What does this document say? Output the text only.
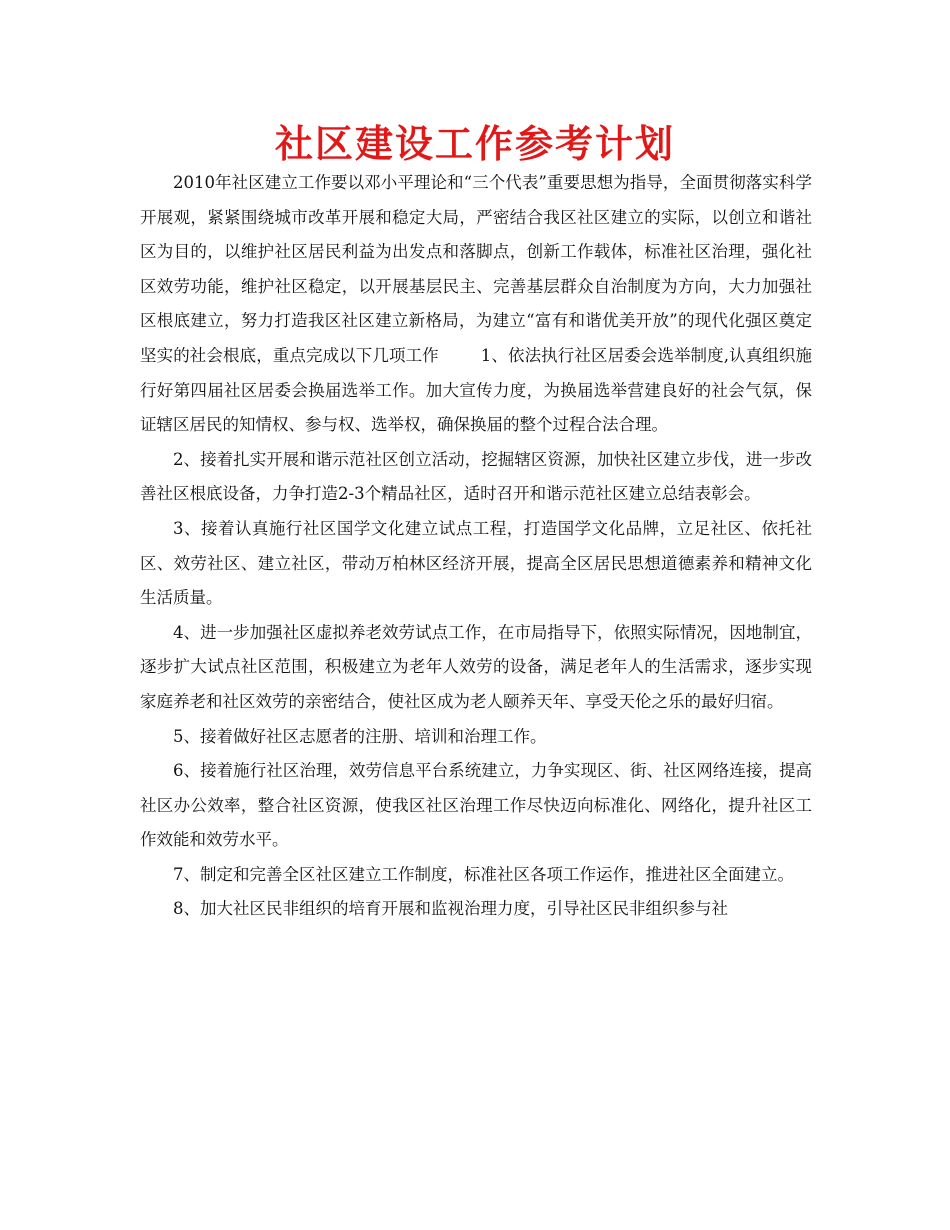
社区建设工作参考计划

2010年社区建立工作要以邓小平理论和“三个代表”重要思想为指导，全面贯彻落实科学开展观，紧紧围绕城市改革开展和稳定大局，严密结合我区社区建立的实际，以创立和谐社区为目的，以维护社区居民利益为出发点和落脚点，创新工作载体，标准社区治理，强化社区效劳功能，维护社区稳定，以开展基层民主、完善基层群众自治制度为方向，大力加强社区根底建立，努力打造我区社区建立新格局，为建立“富有和谐优美开放”的现代化强区奠定坚实的社会根底，重点完成以下几项工作	1、依法执行社区居委会选举制度,认真组织施行好第四届社区居委会换届选举工作。加大宣传力度，为换届选举营建良好的社会气氛，保证辖区居民的知情权、参与权、选举权，确保换届的整个过程合法合理。

2、接着扎实开展和谐示范社区创立活动，挖掘辖区资源，加快社区建立步伐，进一步改善社区根底设备，力争打造2-3个精品社区，适时召开和谐示范社区建立总结表彰会。

3、接着认真施行社区国学文化建立试点工程，打造国学文化品牌，立足社区、依托社区、效劳社区、建立社区，带动万柏林区经济开展，提高全区居民思想道德素养和精神文化生活质量。

4、进一步加强社区虚拟养老效劳试点工作，在市局指导下，依照实际情况，因地制宜，逐步扩大试点社区范围，积极建立为老年人效劳的设备，满足老年人的生活需求，逐步实现家庭养老和社区效劳的亲密结合，使社区成为老人颐养天年、享受天伦之乐的最好归宿。

5、接着做好社区志愿者的注册、培训和治理工作。

6、接着施行社区治理，效劳信息平台系统建立，力争实现区、街、社区网络连接，提高社区办公效率，整合社区资源，使我区社区治理工作尽快迈向标准化、网络化，提升社区工作效能和效劳水平。

7、制定和完善全区社区建立工作制度，标准社区各项工作运作，推进社区全面建立。

8、加大社区民非组织的培育开展和监视治理力度，引导社区民非组织参与社
